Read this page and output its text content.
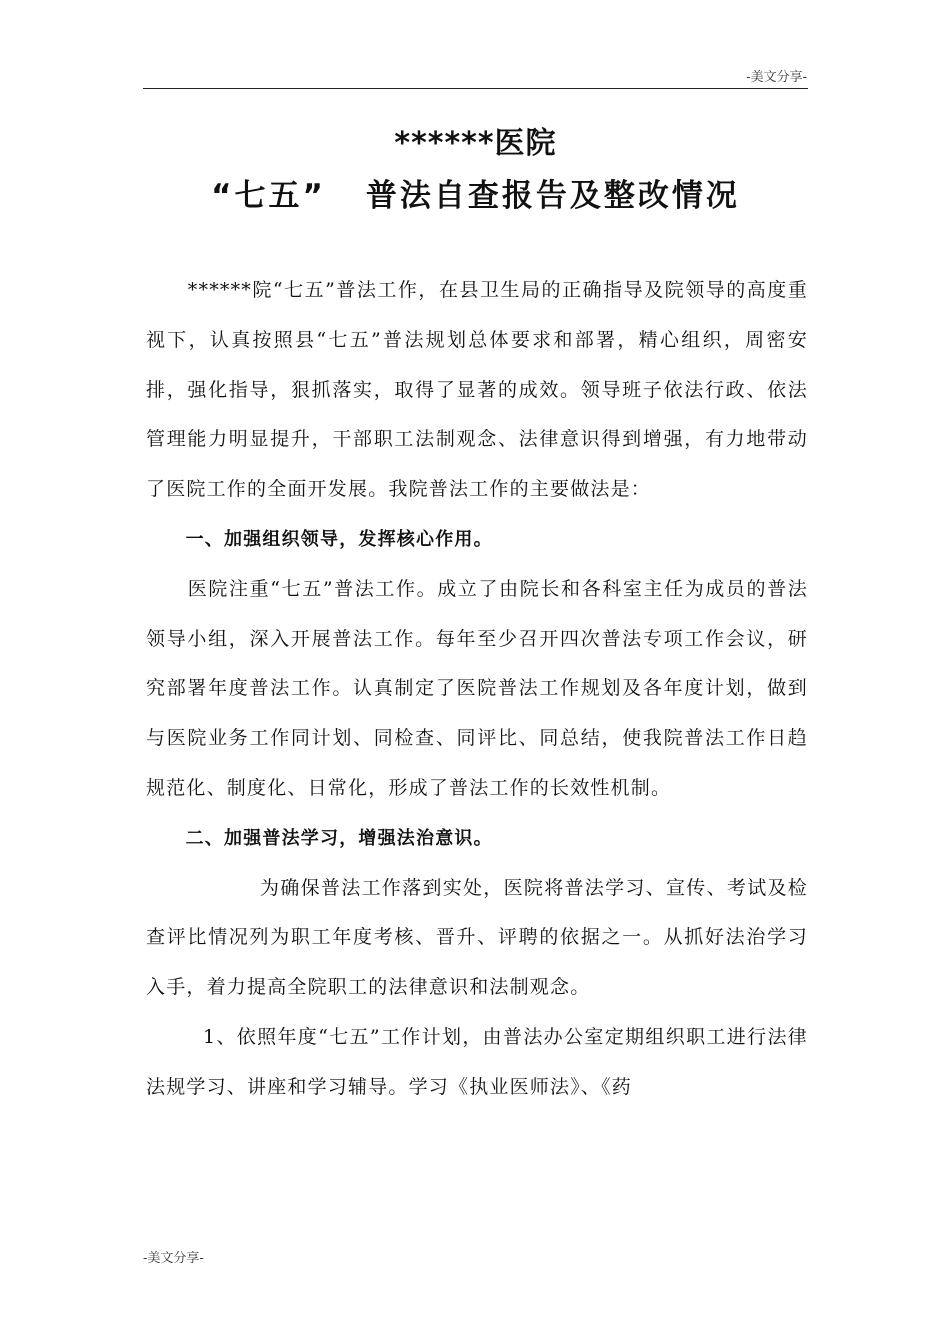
-美文分享-
******医院
“七五” 普法自查报告及整改情况

******院“七五”普法工作，在县卫生局的正确指导及院领导的高度重视下，认真按照县“七五”普法规划总体要求和部署，精心组织，周密安排，强化指导，狠抓落实，取得了显著的成效。领导班子依法行政、依法管理能力明显提升，干部职工法制观念、法律意识得到增强，有力地带动了医院工作的全面开发展。我院普法工作的主要做法是：

一、加强组织领导，发挥核心作用。

医院注重“七五”普法工作。成立了由院长和各科室主任为成员的普法领导小组，深入开展普法工作。每年至少召开四次普法专项工作会议，研究部署年度普法工作。认真制定了医院普法工作规划及各年度计划，做到与医院业务工作同计划、同检查、同评比、同总结，使我院普法工作日趋规范化、制度化、日常化，形成了普法工作的长效性机制。

二、加强普法学习，增强法治意识。

为确保普法工作落到实处，医院将普法学习、宣传、考试及检查评比情况列为职工年度考核、晋升、评聘的依据之一。从抓好法治学习入手，着力提高全院职工的法律意识和法制观念。

1、依照年度“七五”工作计划，由普法办公室定期组织职工进行法律法规学习、讲座和学习辅导。学习《执业医师法》、《药

-美文分享-
